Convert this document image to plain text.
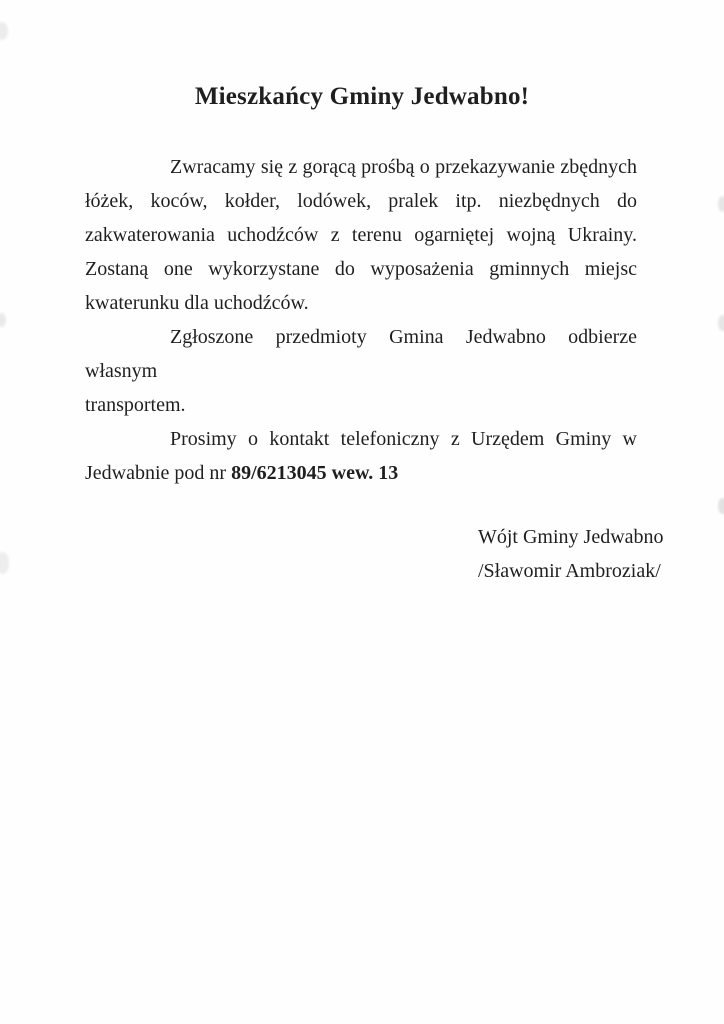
Mieszkańcy Gminy Jedwabno!
Zwracamy się z gorącą prośbą o przekazywanie zbędnych
łóżek, koców, kołder, lodówek, pralek itp. niezbędnych do
zakwaterowania uchodźców z terenu ogarniętej wojną Ukrainy.
Zostaną one wykorzystane do wyposażenia gminnych miejsc
kwaterunku dla uchodźców.
Zgłoszone przedmioty Gmina Jedwabno odbierze własnym
transportem.
Prosimy o kontakt telefoniczny z Urzędem Gminy w
Jedwabnie pod nr 89/6213045 wew. 13
Wójt Gminy Jedwabno
/Sławomir Ambroziak/
